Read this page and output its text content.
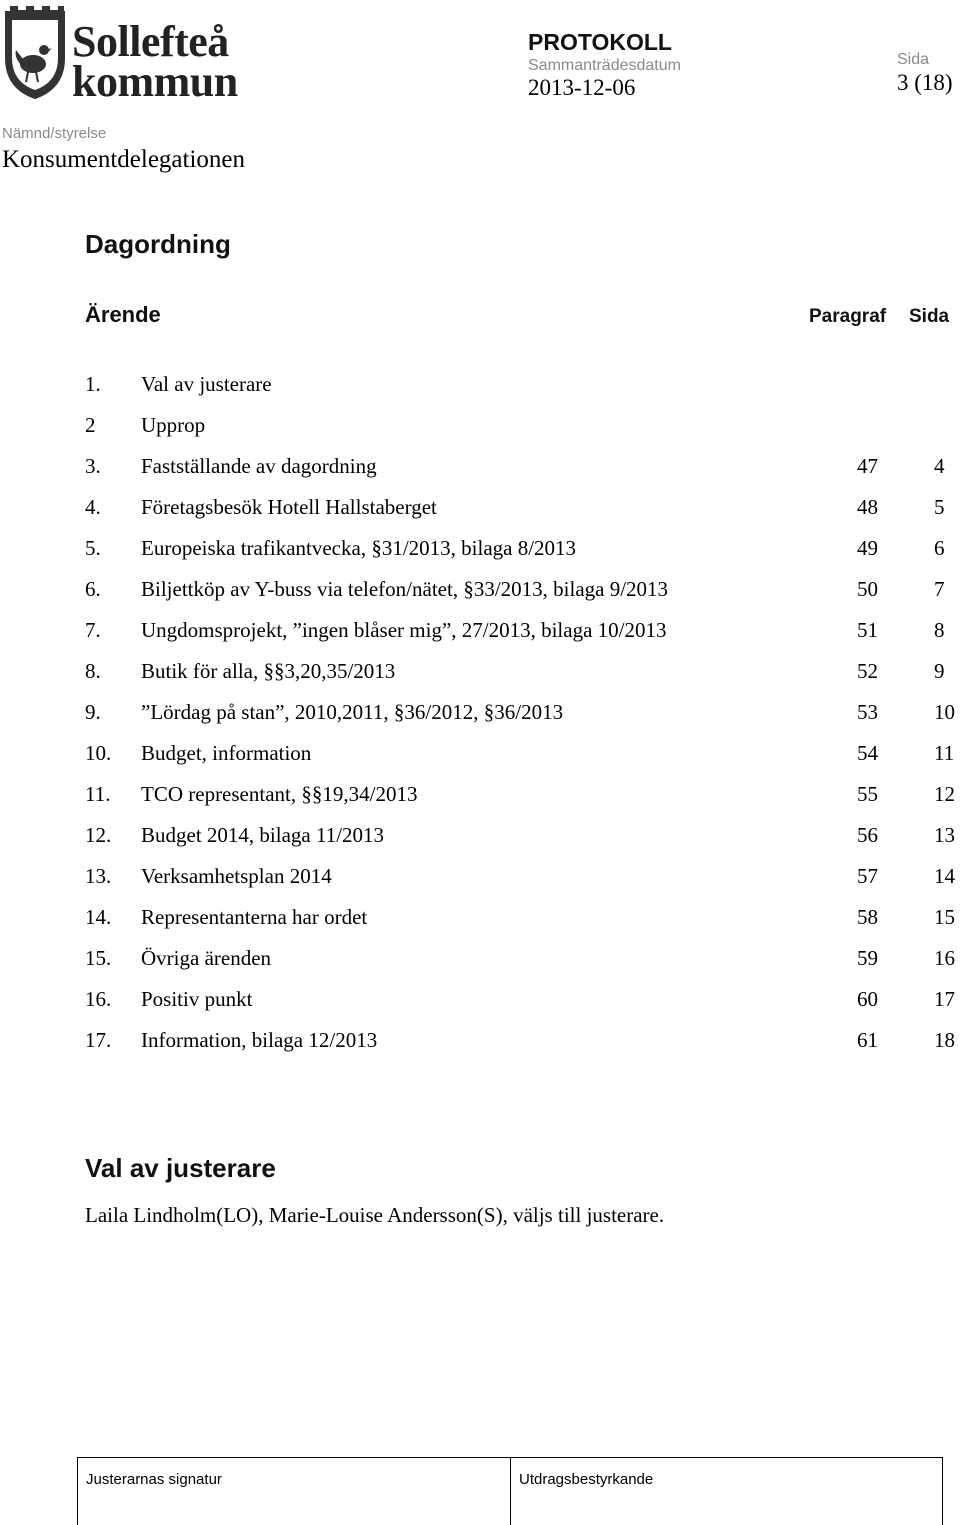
Sollefteå
kommun
PROTOKOLL
Sammanträdesdatum
2013-12-06
Sida
3 (18)
Nämnd/styrelse
Konsumentdelegationen
Dagordning
Ärende	Paragraf Sida
1. Val av justerare
2 Upprop
3. Fastställande av dagordning	47	4
4. Företagsbesök Hotell Hallstaberget	48	5
5. Europeiska trafikantvecka, §31/2013, bilaga 8/2013	49	6
6. Biljettköp av Y-buss via telefon/nätet, §33/2013, bilaga 9/2013	50	7
7. Ungdomsprojekt, ”ingen blåser mig”, 27/2013, bilaga 10/2013	51	8
8. Butik för alla, §§3,20,35/2013	52	9
9. ”Lördag på stan”, 2010,2011, §36/2012, §36/2013	53	10
10. Budget, information	54	11
11. TCO representant, §§19,34/2013	55	12
12. Budget 2014, bilaga 11/2013	56	13
13. Verksamhetsplan 2014	57	14
14. Representanterna har ordet	58	15
15. Övriga ärenden	59	16
16. Positiv punkt	60	17
17. Information, bilaga 12/2013	61	18
Val av justerare
Laila Lindholm(LO), Marie-Louise Andersson(S), väljs till justerare.
Justerarnas signatur	Utdragsbestyrkande
